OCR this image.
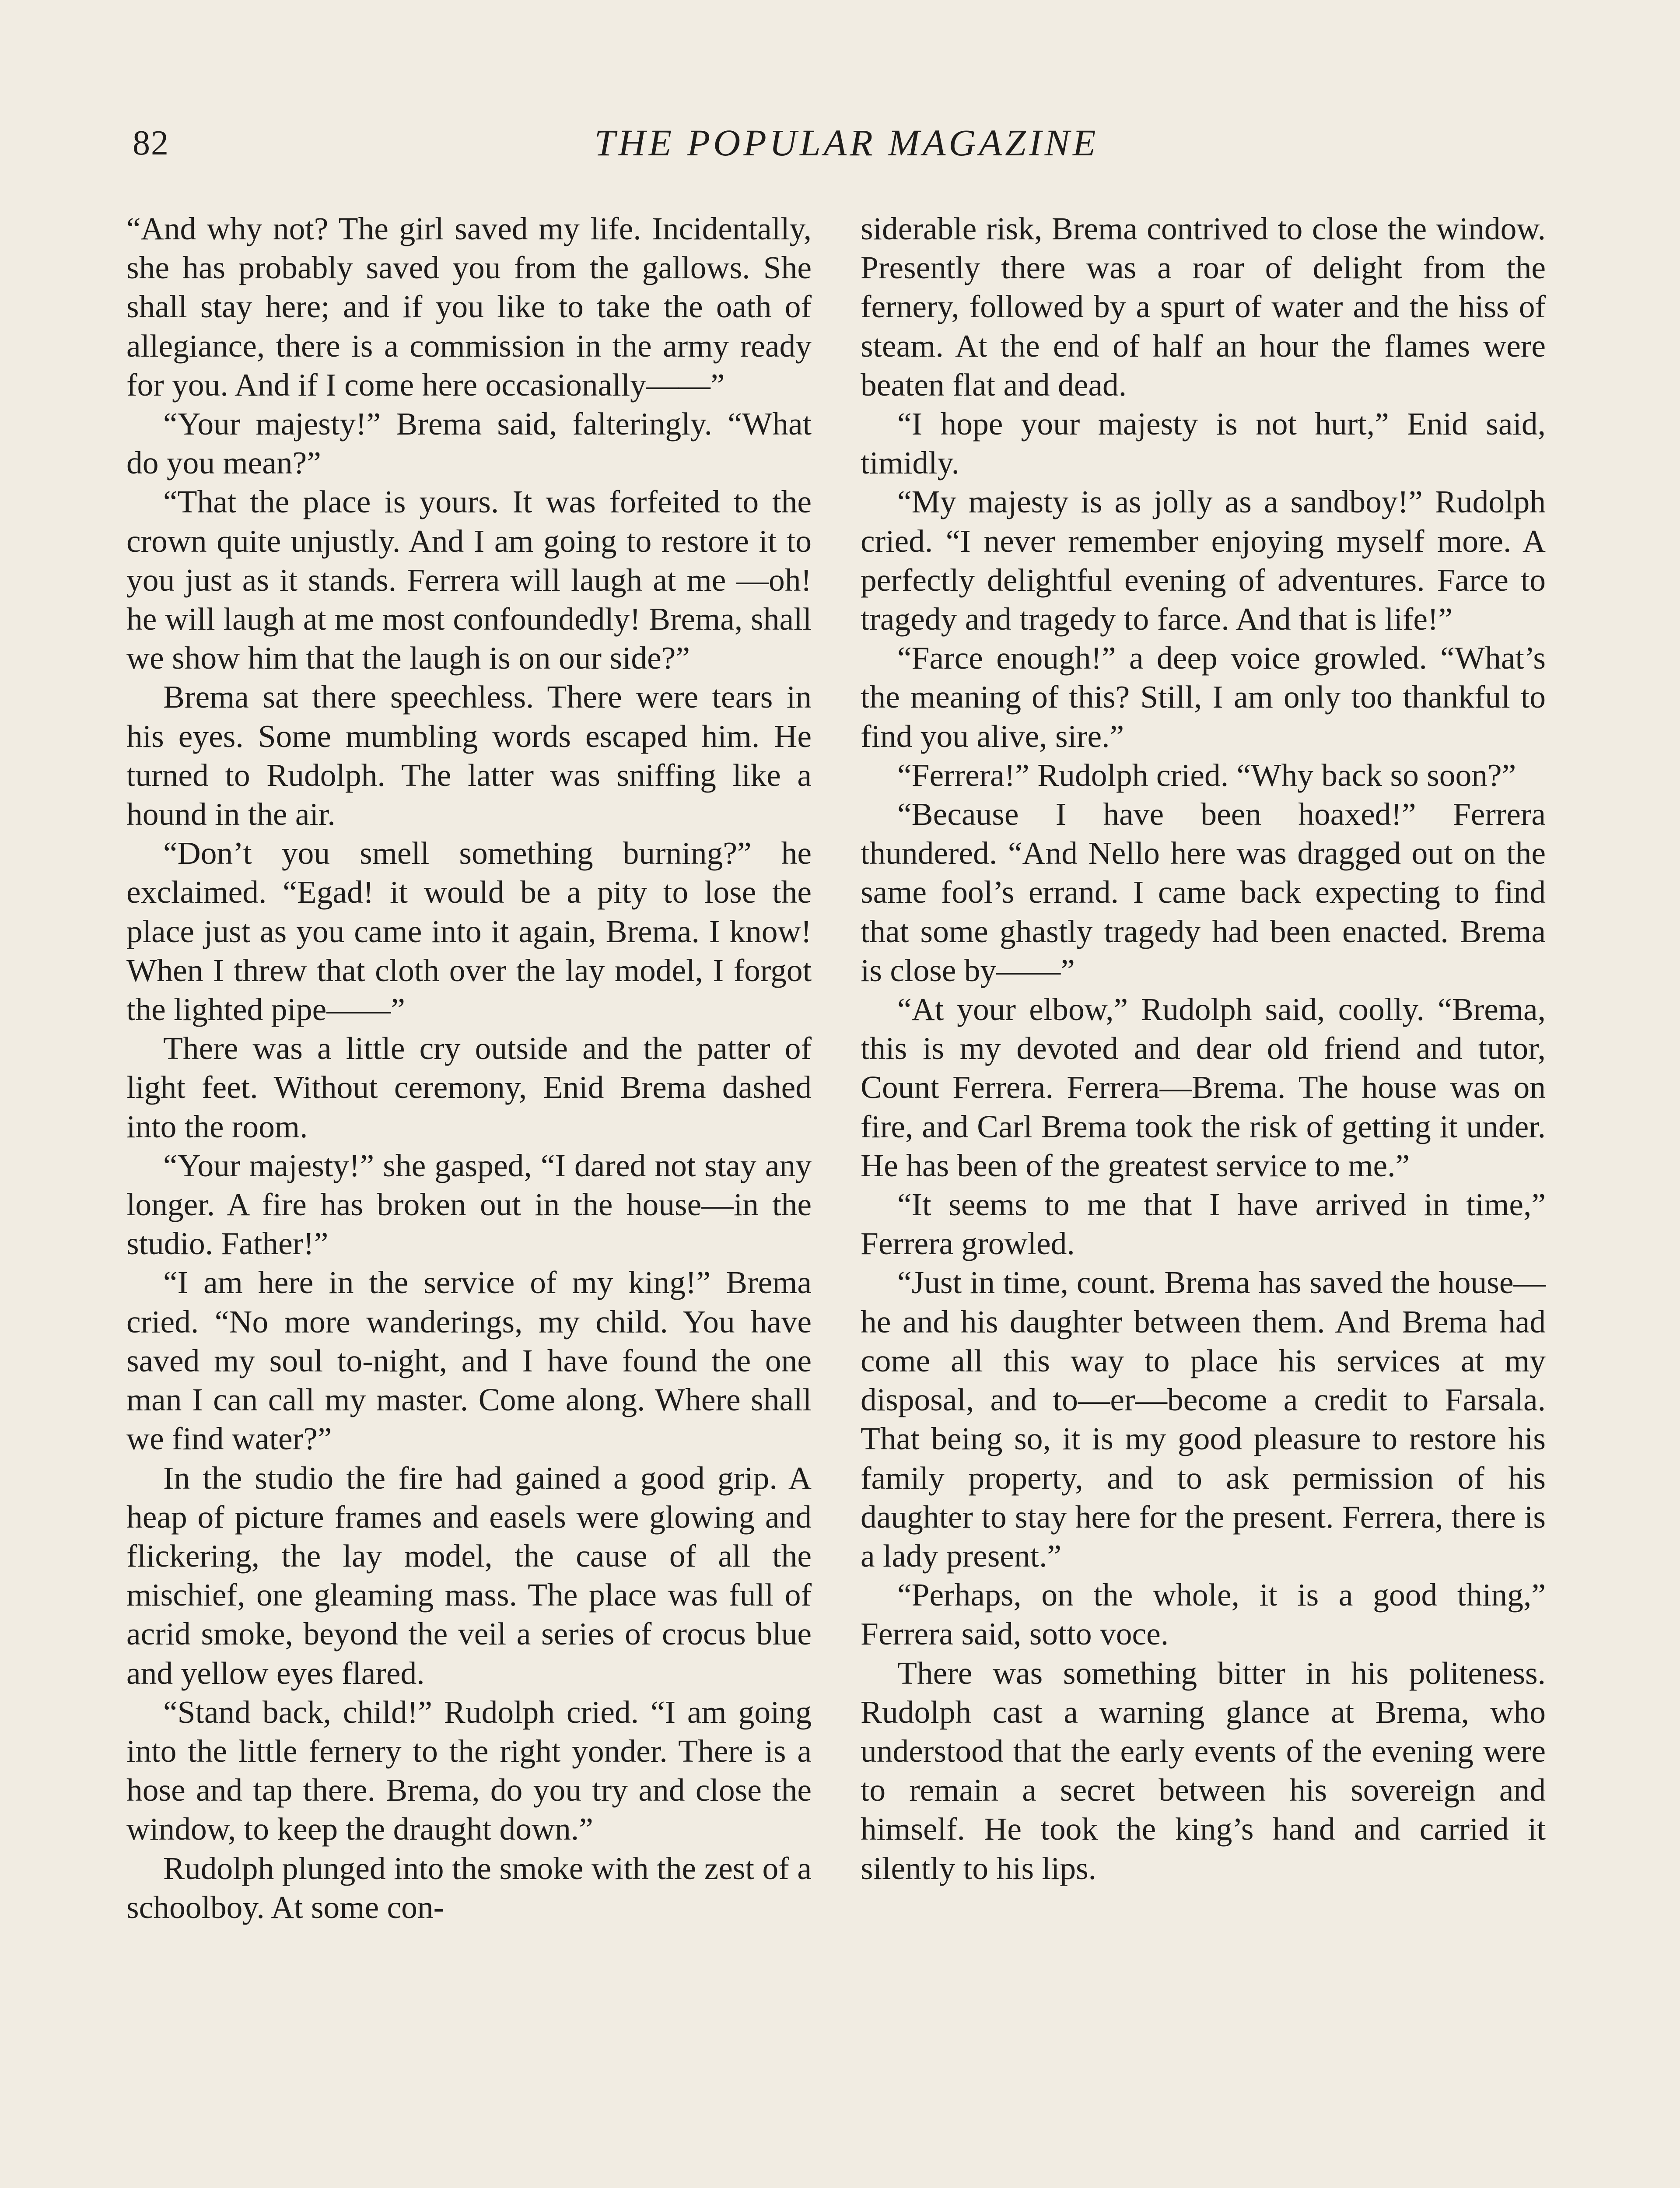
82	THE POPULAR MAGAZINE

“And why not? The girl saved my life. Incidentally, she has probably saved you from the gallows. She shall stay here; and if you like to take the oath of allegiance, there is a commission in the army ready for you. And if I come here occasionally——”

“Your majesty!” Brema said, falteringly. “What do you mean?”

“That the place is yours. It was forfeited to the crown quite unjustly. And I am going to restore it to you just as it stands. Ferrera will laugh at me —oh! he will laugh at me most confoundedly! Brema, shall we show him that the laugh is on our side?”

Brema sat there speechless. There were tears in his eyes. Some mumbling words escaped him. He turned to Rudolph. The latter was sniffing like a hound in the air.

“Don’t you smell something burning?” he exclaimed. “Egad! it would be a pity to lose the place just as you came into it again, Brema. I know! When I threw that cloth over the lay model, I forgot the lighted pipe——”

There was a little cry outside and the patter of light feet. Without ceremony, Enid Brema dashed into the room.

“Your majesty!” she gasped, “I dared not stay any longer. A fire has broken out in the house—in the studio. Father!”

“I am here in the service of my king!” Brema cried. “No more wanderings, my child. You have saved my soul to-night, and I have found the one man I can call my master. Come along. Where shall we find water?”

In the studio the fire had gained a good grip. A heap of picture frames and easels were glowing and flickering, the lay model, the cause of all the mischief, one gleaming mass. The place was full of acrid smoke, beyond the veil a series of crocus blue and yellow eyes flared.

“Stand back, child!” Rudolph cried. “I am going into the little fernery to the right yonder. There is a hose and tap there. Brema, do you try and close the window, to keep the draught down.”

Rudolph plunged into the smoke with the zest of a schoolboy. At some con-

siderable risk, Brema contrived to close the window. Presently there was a roar of delight from the fernery, followed by a spurt of water and the hiss of steam. At the end of half an hour the flames were beaten flat and dead.

“I hope your majesty is not hurt,” Enid said, timidly.

“My majesty is as jolly as a sandboy!” Rudolph cried. “I never remember enjoying myself more. A perfectly delightful evening of adventures. Farce to tragedy and tragedy to farce. And that is life!”

“Farce enough!” a deep voice growled. “What’s the meaning of this? Still, I am only too thankful to find you alive, sire.”

“Ferrera!” Rudolph cried. “Why back so soon?”

“Because I have been hoaxed!” Ferrera thundered. “And Nello here was dragged out on the same fool’s errand. I came back expecting to find that some ghastly tragedy had been enacted. Brema is close by——”

“At your elbow,” Rudolph said, coolly. “Brema, this is my devoted and dear old friend and tutor, Count Ferrera. Ferrera—Brema. The house was on fire, and Carl Brema took the risk of getting it under. He has been of the greatest service to me.”

“It seems to me that I have arrived in time,” Ferrera growled.

“Just in time, count. Brema has saved the house—he and his daughter between them. And Brema had come all this way to place his services at my disposal, and to—er—become a credit to Farsala. That being so, it is my good pleasure to restore his family property, and to ask permission of his daughter to stay here for the present. Ferrera, there is a lady present.”

“Perhaps, on the whole, it is a good thing,” Ferrera said, sotto voce.

There was something bitter in his politeness. Rudolph cast a warning glance at Brema, who understood that the early events of the evening were to remain a secret between his sovereign and himself. He took the king’s hand and carried it silently to his lips.
